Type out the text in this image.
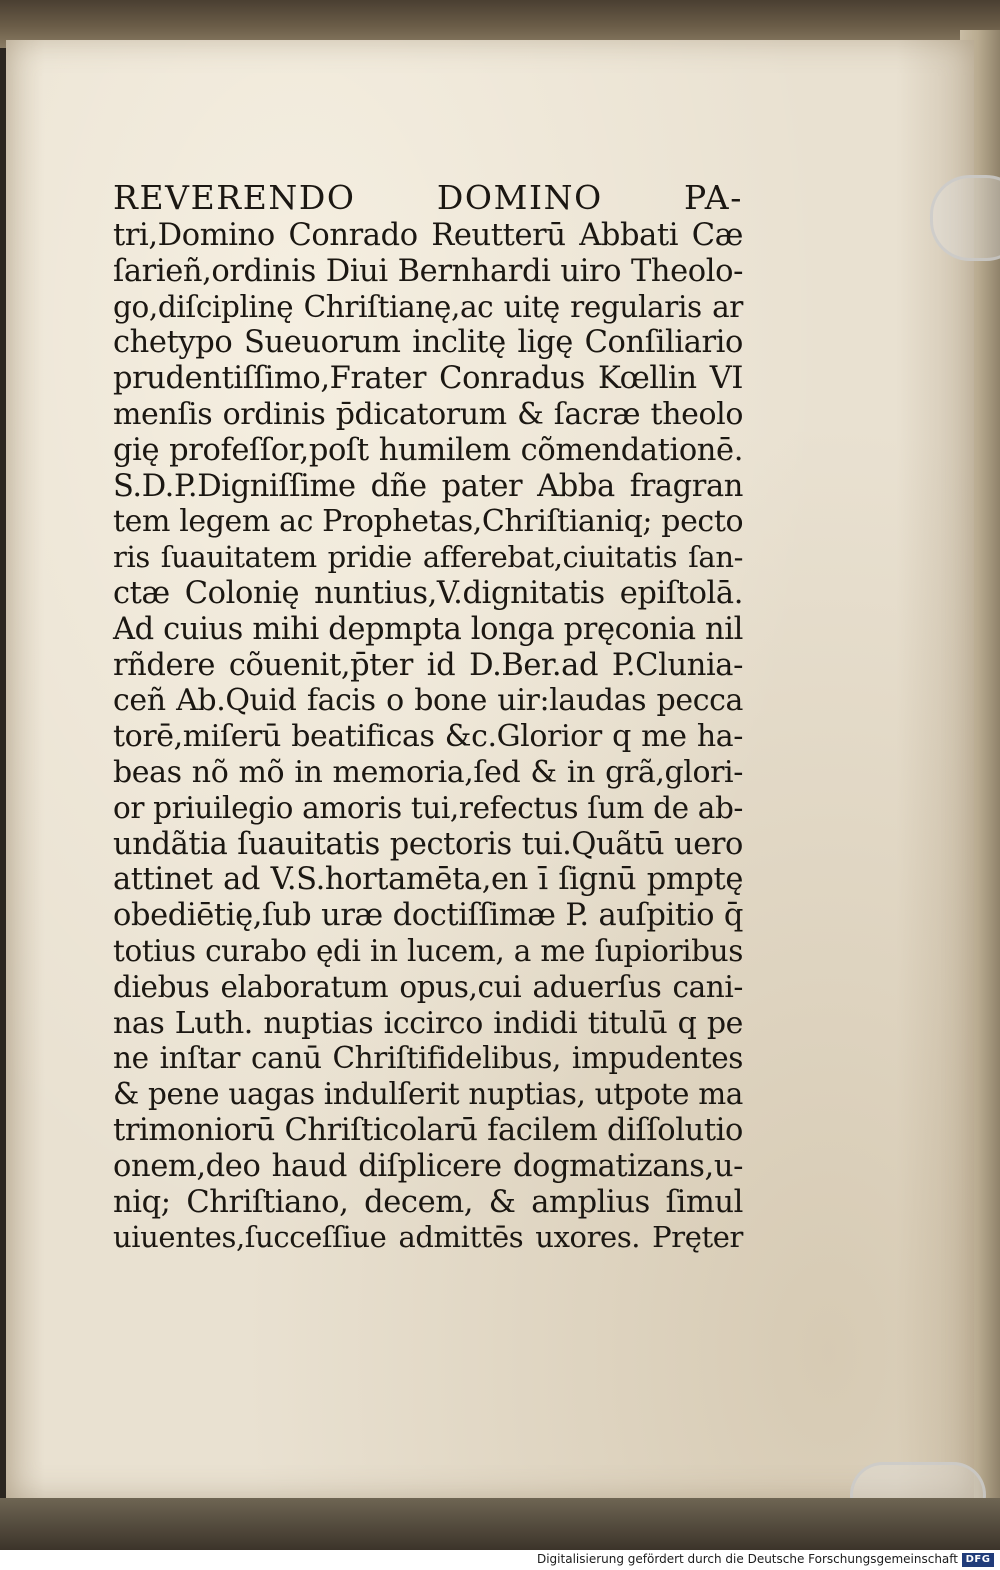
REVERENDO DOMINO PA-
tri,Domino Conrado Reutterū Abbati Cæ
ſarieñ,ordinis Diui Bernhardi uiro Theolo-
go,diſciplinę Chriſtianę,ac uitę regularis ar
chetypo Sueuorum inclitę ligę Conſiliario
prudentiſſimo,Frater Conradus Kœllin VI
menſis ordinis p̄dicatorum & ſacræ theolo
gię profeſſor,poſt humilem cõmendationē.
S.D.P.Digniſſime dñe pater Abba fragran
tem legem ac Prophetas,Chriſtianiq; pecto
ris ſuauitatem pridie afferebat,ciuitatis ſan-
ctæ Colonię nuntius,V.dignitatis epiſtolā.
Ad cuius mihi depmpta longa pręconia nil
rñdere cõuenit,p̄ter id D.Ber.ad P.Clunia-
ceñ Ab.Quid facis o bone uir:laudas pecca
torē,miſerū beatificas &c.Glorior q me ha-
beas nõ mõ in memoria,ſed & in grã,glori-
or priuilegio amoris tui,refectus ſum de ab-
undãtia ſuauitatis pectoris tui.Quãtū uero
attinet ad V.S.hortamēta,en ī ſignū pmptę
obediētię,ſub uræ doctiſſimæ P. auſpitio q̄
totius curabo ędi in lucem, a me ſupioribus
diebus elaboratum opus,cui aduerſus cani-
nas Luth. nuptias iccirco indidi titulū q pe
ne inſtar canū Chriſtifidelibus, impudentes
& pene uagas indulſerit nuptias, utpote ma
trimoniorū Chriſticolarū facilem diſſolutio
onem,deo haud diſplicere dogmatizans,u-
niq; Chriſtiano, decem, & amplius ſimul
uiuentes,ſucceſſiue admittēs uxores. Pręter
Digitalisierung gefördert durch die Deutsche Forschungsgemeinschaft DFG
